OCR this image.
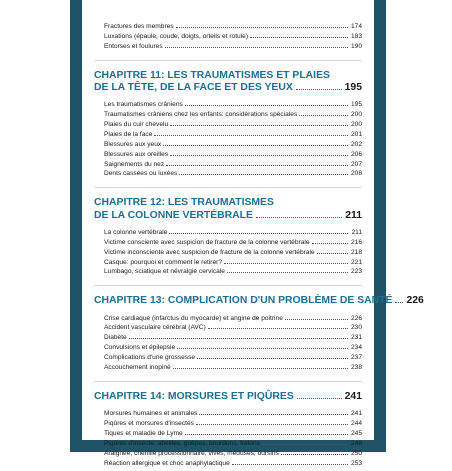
Fractures des membres	174
Luxations (épaule, coude, doigts, orteils et rotule)	183
Entorses et foulures	190
CHAPITRE 11: LES TRAUMATISMES ET PLAIES
DE LA TÊTE, DE LA FACE ET DES YEUX	195
Les traumatismes crâniens	195
Traumatismes crâniens chez les enfants: considérations spéciales	200
Plaies du cuir chevelu	200
Plaies de la face	201
Blessures aux yeux	202
Blessures aux oreilles	206
Saignements du nez	207
Dents cassées ou luxées	208
CHAPITRE 12: LES TRAUMATISMES
DE LA COLONNE VERTÉBRALE	211
La colonne vertébrale	211
Victime consciente avec suspicion de fracture de la colonne vertébrale	216
Victime inconsciente avec suspicion de fracture de la colonne vertébrale	218
Casque: pourquoi et comment le retirer?	221
Lumbago, sciatique et névralgie cervicale	223
CHAPITRE 13: COMPLICATION D'UN PROBLÈME DE SANTÉ 226
Crise cardiaque (infarctus du myocarde) et angine de poitrine	226
Accident vasculaire cérébral (AVC)	230
Diabète	231
Convulsions et épilepsie	234
Complications d'une grossesse	237
Accouchement inopiné	238
CHAPITRE 14: MORSURES ET PIQÛRES	241
Morsures humaines et animales	241
Piqûres et morsures d'insectes	244
Tiques et maladie de Lyme	245
Piqûres d'insecte: abeilles, guêpes, bourdons, frelons	248
Araignée, chenille processionnaire, vives, méduses, oursins	250
Réaction allergique et choc anaphylactique	253
